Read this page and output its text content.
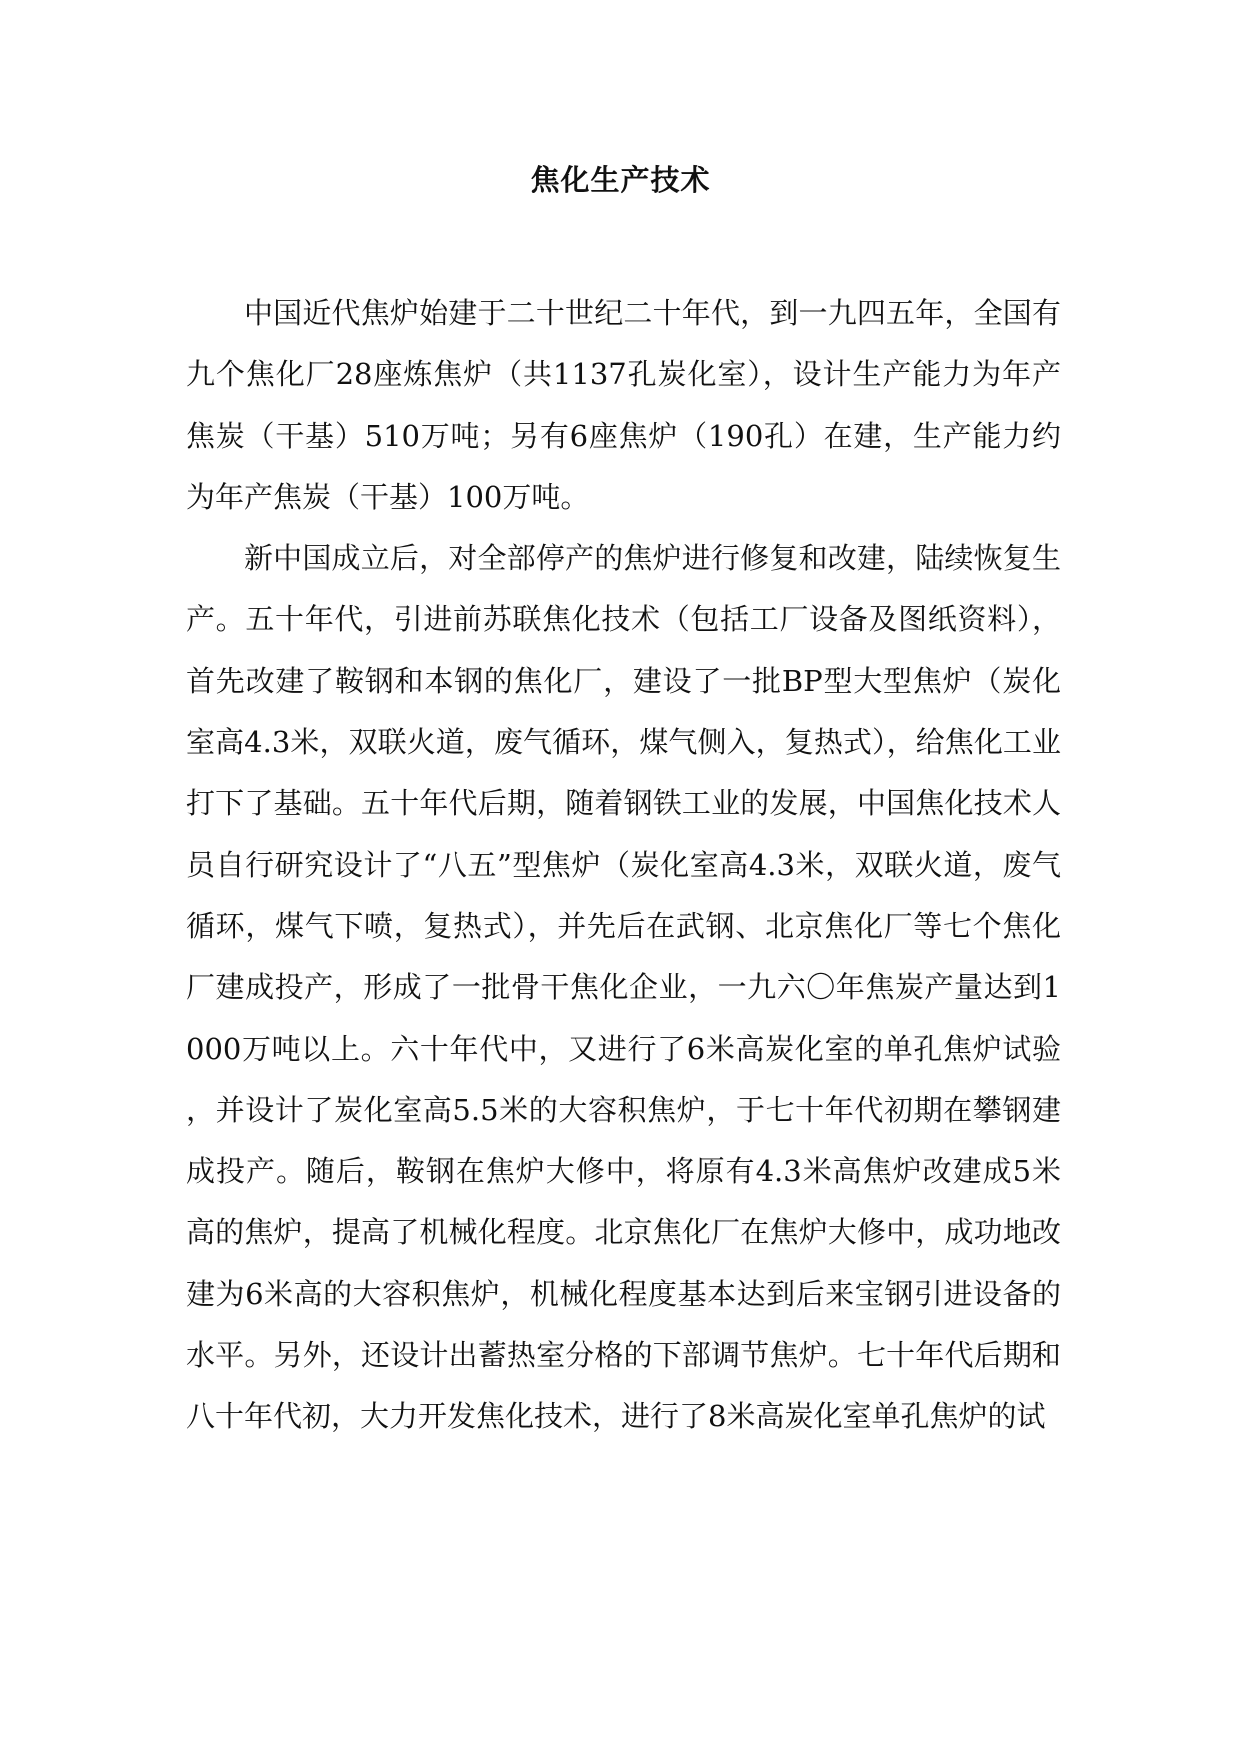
焦化生产技术

中国近代焦炉始建于二十世纪二十年代，到一九四五年，全国有九个焦化厂28座炼焦炉（共1137孔炭化室），设计生产能力为年产焦炭（干基）510万吨；另有6座焦炉（190孔）在建，生产能力约为年产焦炭（干基）100万吨。

新中国成立后，对全部停产的焦炉进行修复和改建，陆续恢复生产。五十年代，引进前苏联焦化技术（包括工厂设备及图纸资料），首先改建了鞍钢和本钢的焦化厂，建设了一批BP型大型焦炉（炭化室高4.3米，双联火道，废气循环，煤气侧入，复热式），给焦化工业打下了基础。五十年代后期，随着钢铁工业的发展，中国焦化技术人员自行研究设计了“八五”型焦炉（炭化室高4.3米，双联火道，废气循环，煤气下喷，复热式），并先后在武钢、北京焦化厂等七个焦化厂建成投产，形成了一批骨干焦化企业，一九六〇年焦炭产量达到1000万吨以上。六十年代中，又进行了6米高炭化室的单孔焦炉试验，并设计了炭化室高5.5米的大容积焦炉，于七十年代初期在攀钢建成投产。随后，鞍钢在焦炉大修中，将原有4.3米高焦炉改建成5米高的焦炉，提高了机械化程度。北京焦化厂在焦炉大修中，成功地改建为6米高的大容积焦炉，机械化程度基本达到后来宝钢引进设备的水平。另外，还设计出蓄热室分格的下部调节焦炉。七十年代后期和八十年代初，大力开发焦化技术，进行了8米高炭化室单孔焦炉的试
